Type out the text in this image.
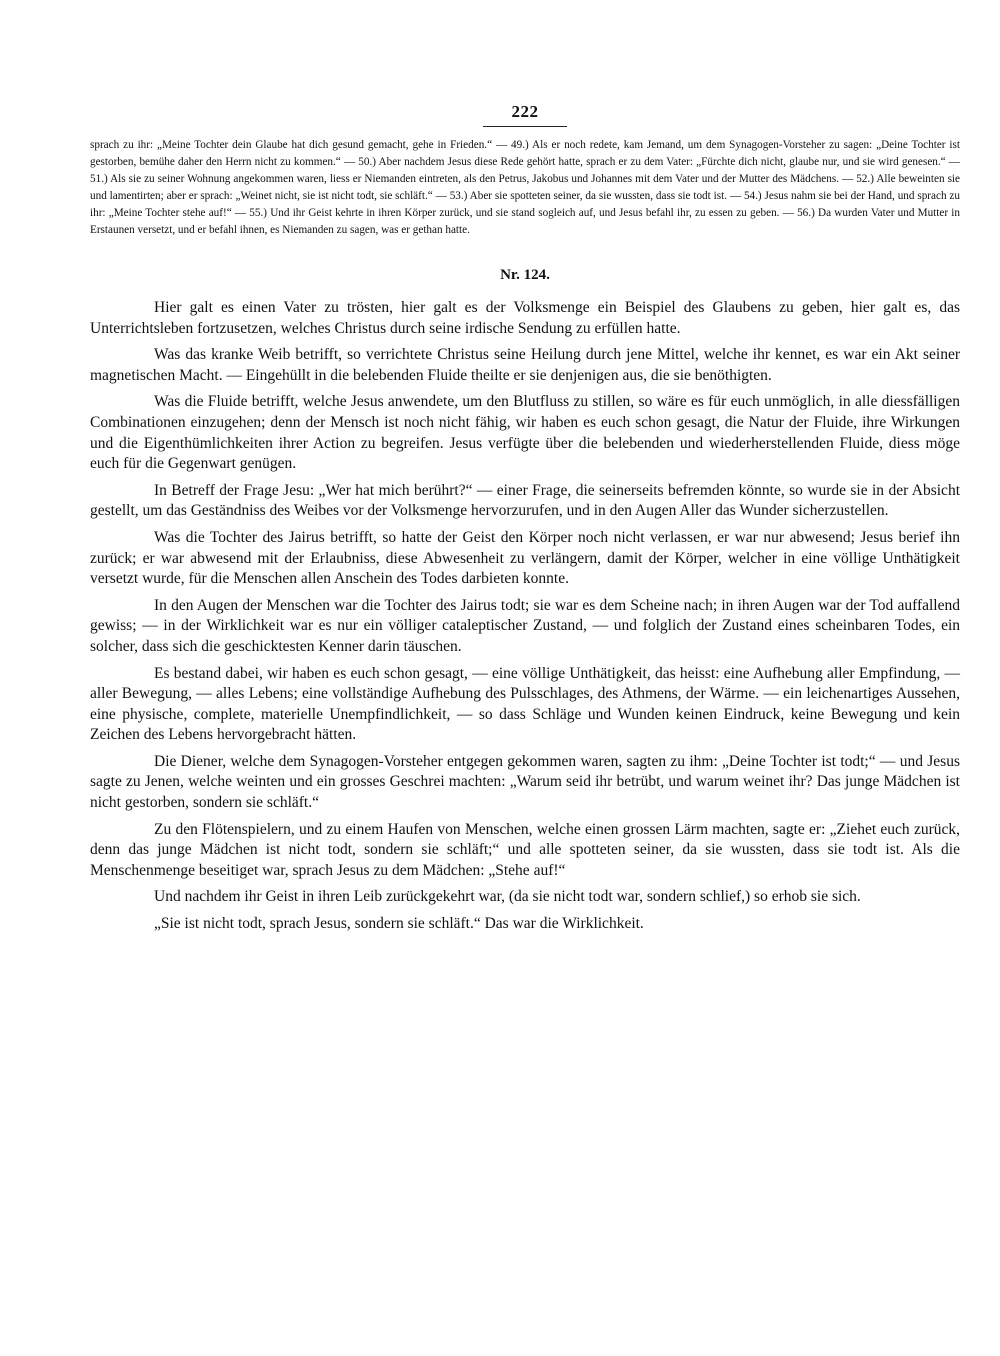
222

sprach zu ihr: „Meine Tochter dein Glaube hat dich gesund gemacht, gehe in Frieden.“ — 49.) Als er noch redete, kam Jemand, um dem Synagogen-Vorsteher zu sagen: „Deine Tochter ist gestorben, bemühe daher den Herrn nicht zu kommen.“ — 50.) Aber nachdem Jesus diese Rede gehört hatte, sprach er zu dem Vater: „Fürchte dich nicht, glaube nur, und sie wird genesen.“ — 51.) Als sie zu seiner Wohnung angekommen waren, liess er Niemanden eintreten, als den Petrus, Jakobus und Johannes mit dem Vater und der Mutter des Mädchens. — 52.) Alle beweinten sie und lamentirten; aber er sprach: „Weinet nicht, sie ist nicht todt, sie schläft.“ — 53.) Aber sie spotteten seiner, da sie wussten, dass sie todt ist. — 54.) Jesus nahm sie bei der Hand, und sprach zu ihr: „Meine Tochter stehe auf!“ — 55.) Und ihr Geist kehrte in ihren Körper zurück, und sie stand sogleich auf, und Jesus befahl ihr, zu essen zu geben. — 56.) Da wurden Vater und Mutter in Erstaunen versetzt, und er befahl ihnen, es Niemanden zu sagen, was er gethan hatte.

Nr. 124.

Hier galt es einen Vater zu trösten, hier galt es der Volksmenge ein Beispiel des Glaubens zu geben, hier galt es, das Unterrichtsleben fortzusetzen, welches Christus durch seine irdische Sendung zu erfüllen hatte.

Was das kranke Weib betrifft, so verrichtete Christus seine Heilung durch jene Mittel, welche ihr kennet, es war ein Akt seiner magnetischen Macht. — Eingehüllt in die belebenden Fluide theilte er sie denjenigen aus, die sie benöthigten.

Was die Fluide betrifft, welche Jesus anwendete, um den Blutfluss zu stillen, so wäre es für euch unmöglich, in alle diessfälligen Combinationen einzugehen; denn der Mensch ist noch nicht fähig, wir haben es euch schon gesagt, die Natur der Fluide, ihre Wirkungen und die Eigenthümlichkeiten ihrer Action zu begreifen. Jesus verfügte über die belebenden und wiederherstellenden Fluide, diess möge euch für die Gegenwart genügen.

In Betreff der Frage Jesu: „Wer hat mich berührt?“ — einer Frage, die seinerseits befremden könnte, so wurde sie in der Absicht gestellt, um das Geständniss des Weibes vor der Volksmenge hervorzurufen, und in den Augen Aller das Wunder sicherzustellen.

Was die Tochter des Jairus betrifft, so hatte der Geist den Körper noch nicht verlassen, er war nur abwesend; Jesus berief ihn zurück; er war abwesend mit der Erlaubniss, diese Abwesenheit zu verlängern, damit der Körper, welcher in eine völlige Unthätigkeit versetzt wurde, für die Menschen allen Anschein des Todes darbieten konnte.

In den Augen der Menschen war die Tochter des Jairus todt; sie war es dem Scheine nach; in ihren Augen war der Tod auffallend gewiss; — in der Wirklichkeit war es nur ein völliger cataleptischer Zustand, — und folglich der Zustand eines scheinbaren Todes, ein solcher, dass sich die geschicktesten Kenner darin täuschen.

Es bestand dabei, wir haben es euch schon gesagt, — eine völlige Unthätigkeit, das heisst: eine Aufhebung aller Empfindung, — aller Bewegung, — alles Lebens; eine vollständige Aufhebung des Pulsschlages, des Athmens, der Wärme. — ein leichenartiges Aussehen, eine physische, complete, materielle Unempfindlichkeit, — so dass Schläge und Wunden keinen Eindruck, keine Bewegung und kein Zeichen des Lebens hervorgebracht hätten.

Die Diener, welche dem Synagogen-Vorsteher entgegen gekommen waren, sagten zu ihm: „Deine Tochter ist todt;“ — und Jesus sagte zu Jenen, welche weinten und ein grosses Geschrei machten: „Warum seid ihr betrübt, und warum weinet ihr? Das junge Mädchen ist nicht gestorben, sondern sie schläft.“

Zu den Flötenspielern, und zu einem Haufen von Menschen, welche einen grossen Lärm machten, sagte er: „Ziehet euch zurück, denn das junge Mädchen ist nicht todt, sondern sie schläft;“ und alle spotteten seiner, da sie wussten, dass sie todt ist. Als die Menschenmenge beseitiget war, sprach Jesus zu dem Mädchen: „Stehe auf!“

Und nachdem ihr Geist in ihren Leib zurückgekehrt war, (da sie nicht todt war, sondern schlief,) so erhob sie sich.

„Sie ist nicht todt, sprach Jesus, sondern sie schläft.“ Das war die Wirklichkeit.
